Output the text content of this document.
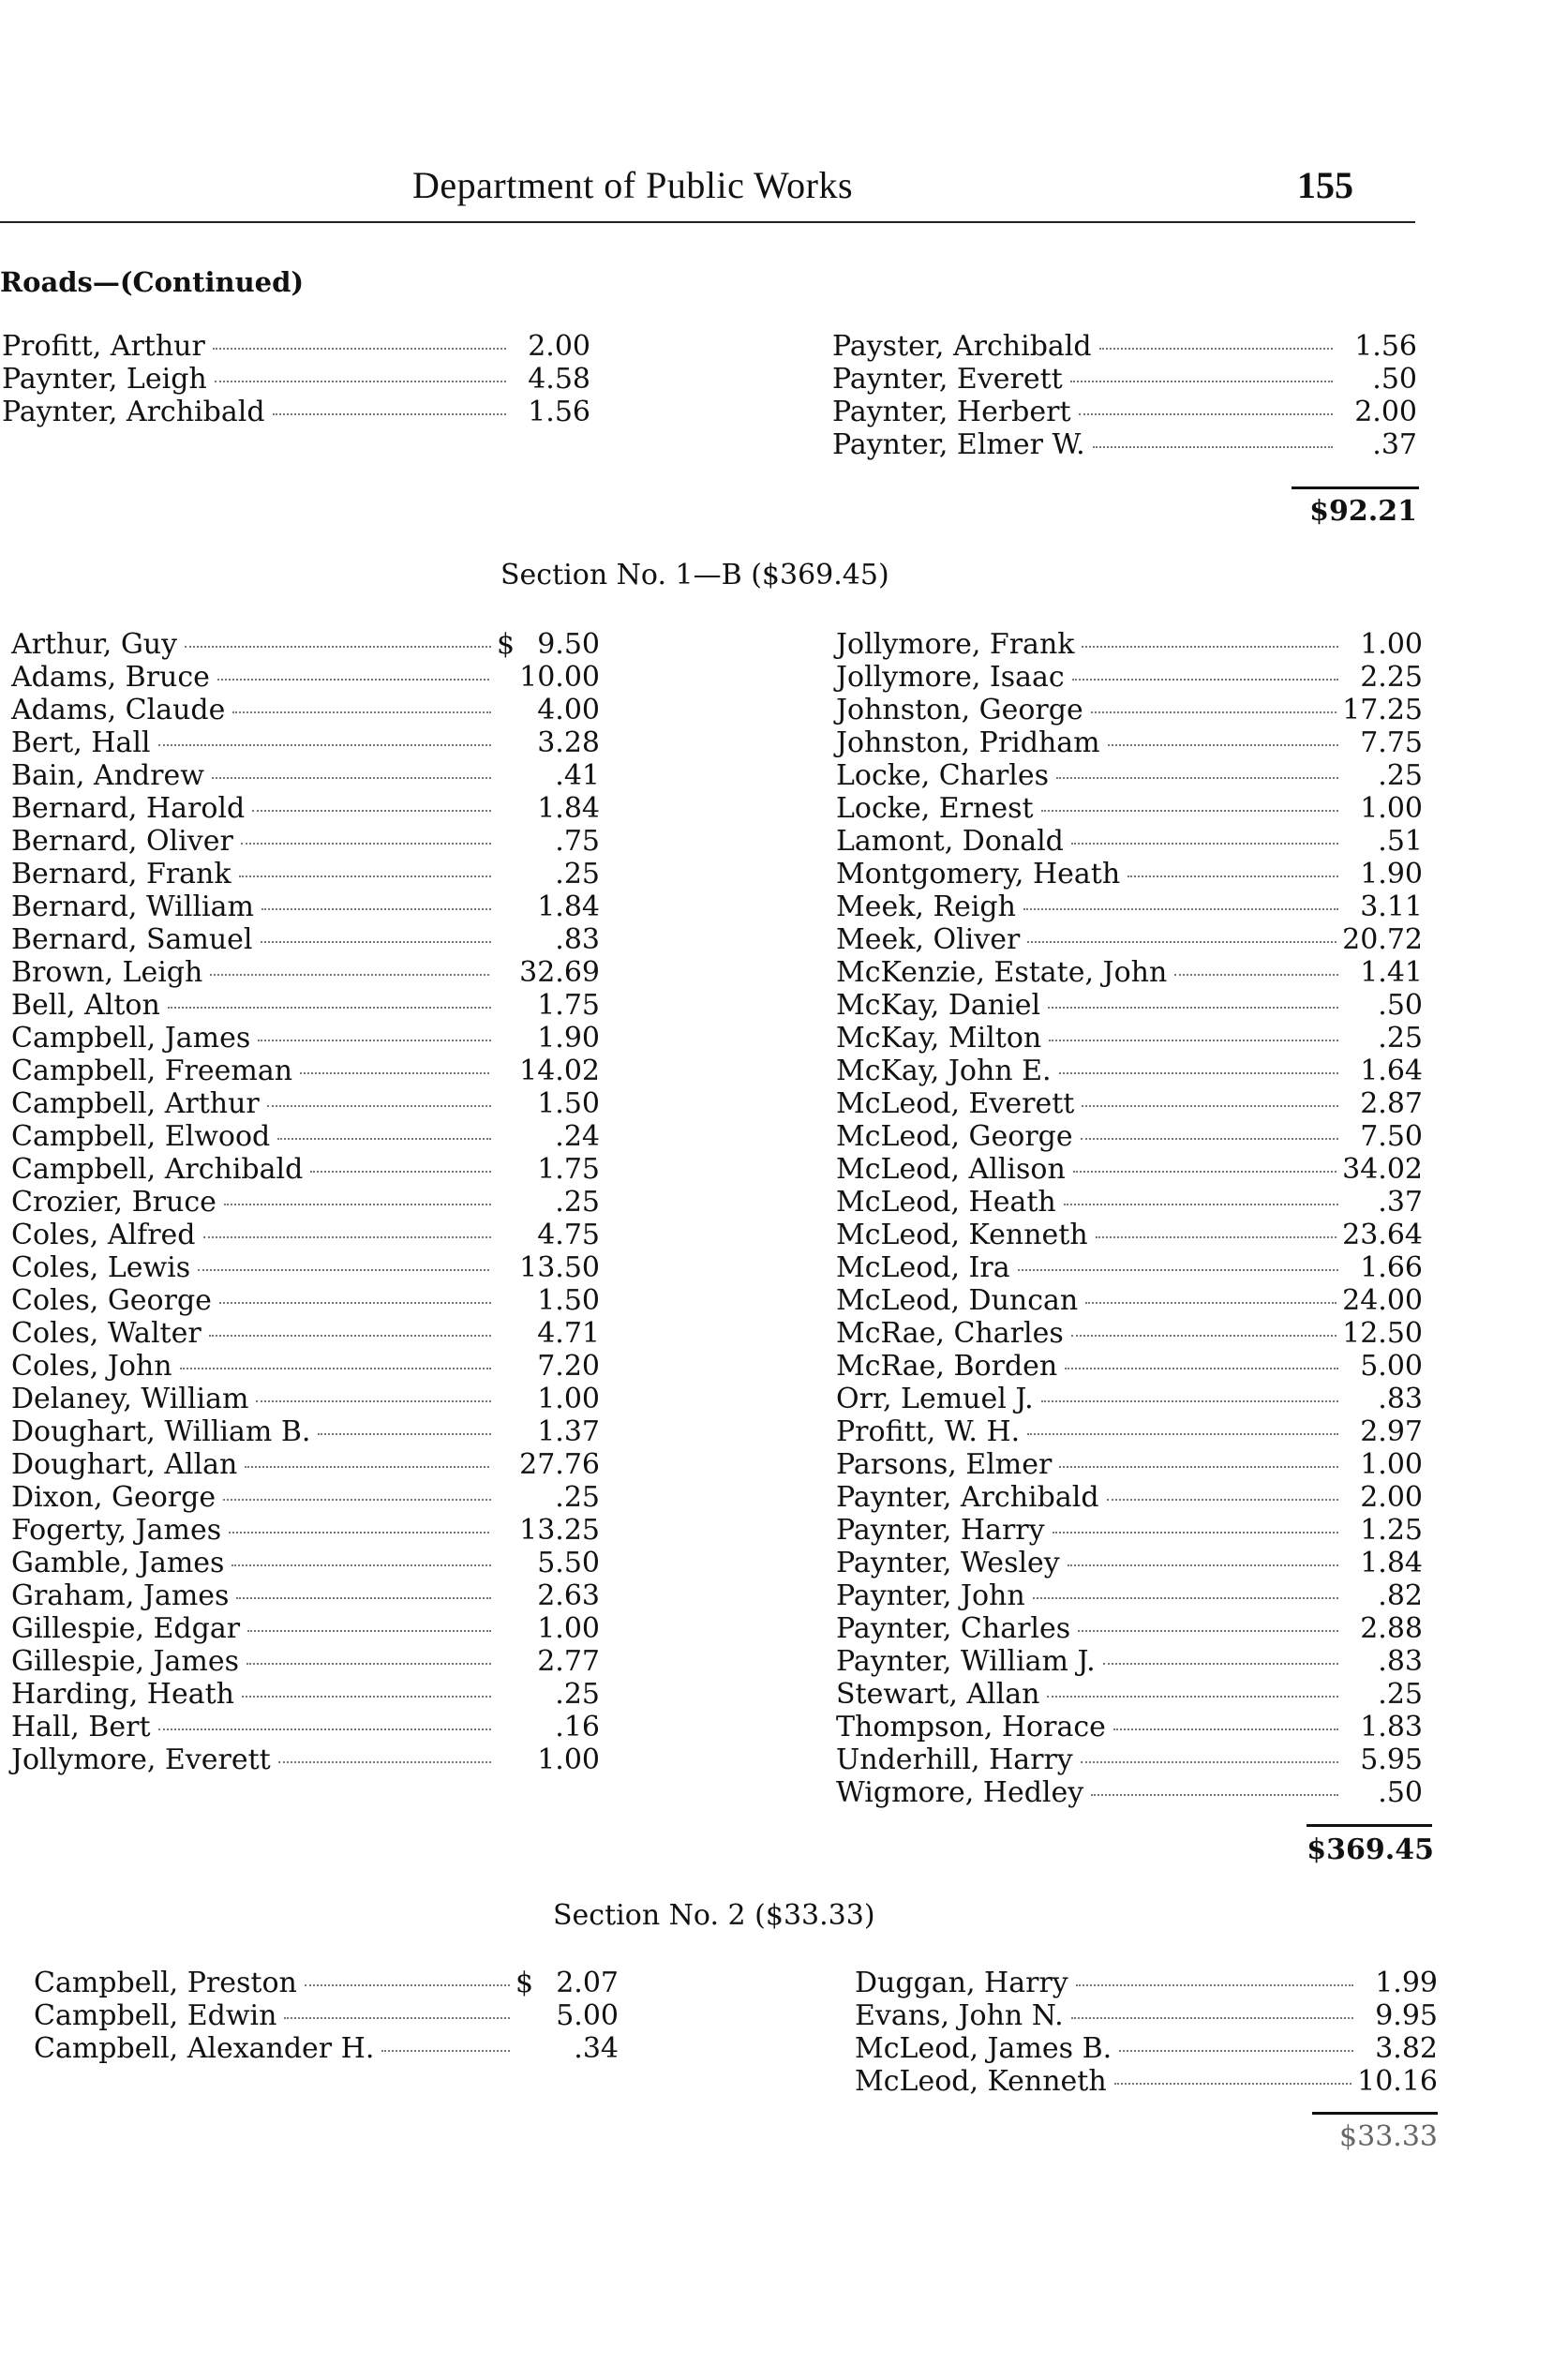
Department of Public Works	155
Roads—(Continued)
Profitt, Arthur	2.00
Paynter, Leigh	4.58
Paynter, Archibald	1.56
Payster, Archibald	1.56
Paynter, Everett	.50
Paynter, Herbert	2.00
Paynter, Elmer W.	.37
$92.21
Section No. 1—B ($369.45)
Arthur, Guy	$ 9.50
Adams, Bruce	10.00
Adams, Claude	4.00
Bert, Hall	3.28
Bain, Andrew	.41
Bernard, Harold	1.84
Bernard, Oliver	.75
Bernard, Frank	.25
Bernard, William	1.84
Bernard, Samuel	.83
Brown, Leigh	32.69
Bell, Alton	1.75
Campbell, James	1.90
Campbell, Freeman	14.02
Campbell, Arthur	1.50
Campbell, Elwood	.24
Campbell, Archibald	1.75
Crozier, Bruce	.25
Coles, Alfred	4.75
Coles, Lewis	13.50
Coles, George	1.50
Coles, Walter	4.71
Coles, John	7.20
Delaney, William	1.00
Doughart, William B.	1.37
Doughart, Allan	27.76
Dixon, George	.25
Fogerty, James	13.25
Gamble, James	5.50
Graham, James	2.63
Gillespie, Edgar	1.00
Gillespie, James	2.77
Harding, Heath	.25
Hall, Bert	.16
Jollymore, Everett	1.00
Jollymore, Frank	1.00
Jollymore, Isaac	2.25
Johnston, George	17.25
Johnston, Pridham	7.75
Locke, Charles	.25
Locke, Ernest	1.00
Lamont, Donald	.51
Montgomery, Heath	1.90
Meek, Reigh	3.11
Meek, Oliver	20.72
McKenzie, Estate, John	1.41
McKay, Daniel	.50
McKay, Milton	.25
McKay, John E.	1.64
McLeod, Everett	2.87
McLeod, George	7.50
McLeod, Allison	34.02
McLeod, Heath	.37
McLeod, Kenneth	23.64
McLeod, Ira	1.66
McLeod, Duncan	24.00
McRae, Charles	12.50
McRae, Borden	5.00
Orr, Lemuel J.	.83
Profitt, W. H.	2.97
Parsons, Elmer	1.00
Paynter, Archibald	2.00
Paynter, Harry	1.25
Paynter, Wesley	1.84
Paynter, John	.82
Paynter, Charles	2.88
Paynter, William J.	.83
Stewart, Allan	.25
Thompson, Horace	1.83
Underhill, Harry	5.95
Wigmore, Hedley	.50
$369.45
Section No. 2 ($33.33)
Campbell, Preston	$ 2.07
Campbell, Edwin	5.00
Campbell, Alexander H.	.34
Duggan, Harry	1.99
Evans, John N.	9.95
McLeod, James B.	3.82
McLeod, Kenneth	10.16
$33.33
